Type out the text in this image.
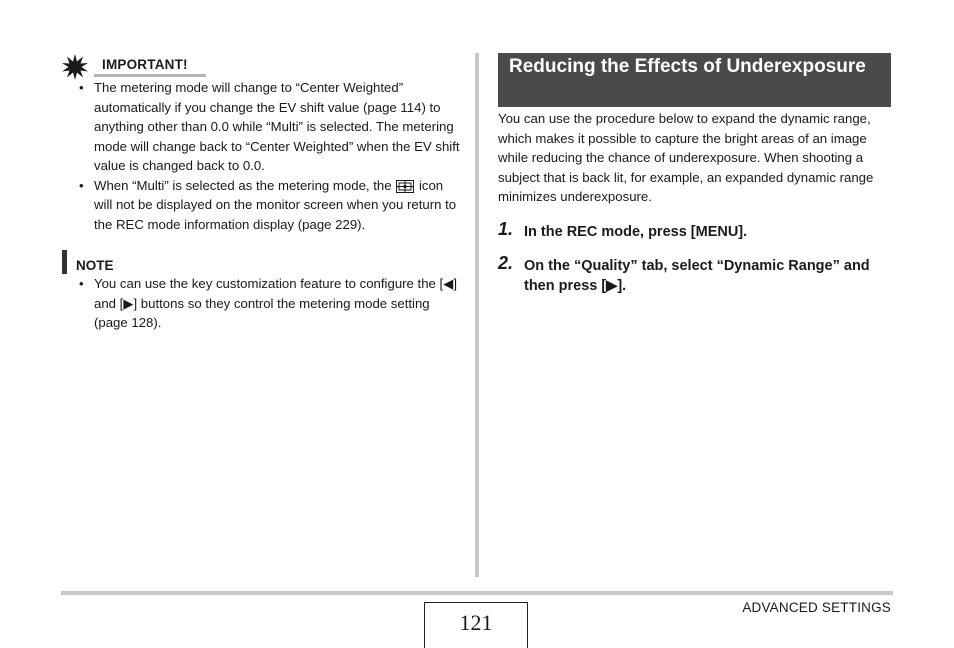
IMPORTANT!
• The metering mode will change to “Center Weighted” automatically if you change the EV shift value (page 114) to anything other than 0.0 while “Multi” is selected. The metering mode will change back to “Center Weighted” when the EV shift value is changed back to 0.0.
• When “Multi” is selected as the metering mode, the icon will not be displayed on the monitor screen when you return to the REC mode information display (page 229).
NOTE
• You can use the key customization feature to configure the [◀] and [▶] buttons so they control the metering mode setting (page 128).
Reducing the Effects of Underexposure
You can use the procedure below to expand the dynamic range, which makes it possible to capture the bright areas of an image while reducing the chance of underexposure. When shooting a subject that is back lit, for example, an expanded dynamic range minimizes underexposure.
1. In the REC mode, press [MENU].
2. On the “Quality” tab, select “Dynamic Range” and then press [▶].
121
ADVANCED SETTINGS
